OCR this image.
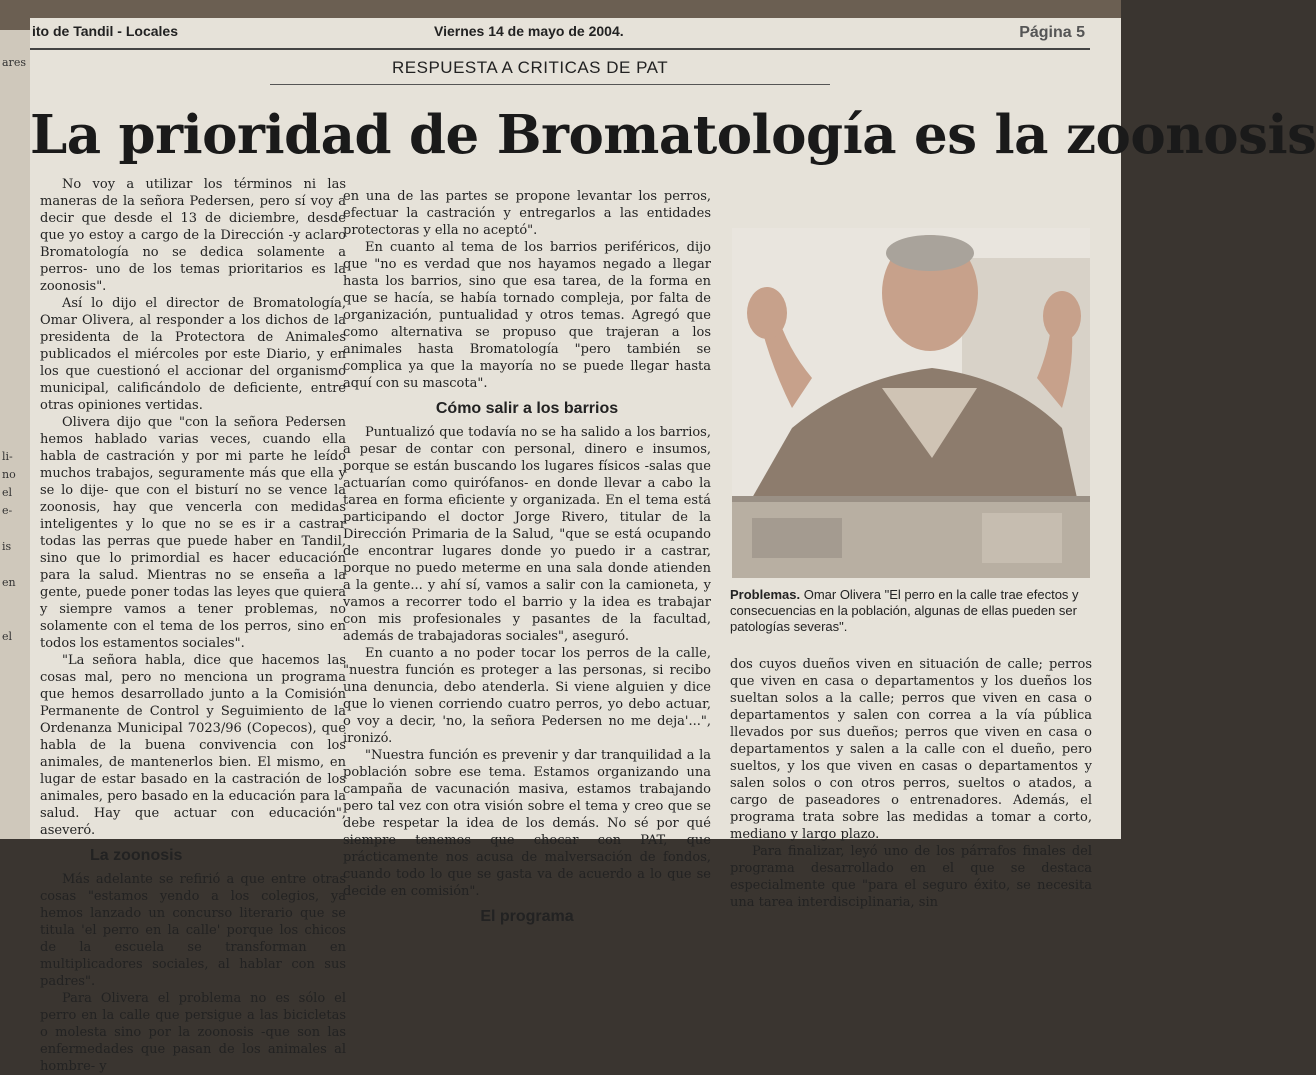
ares
li-
no
el
e-
is
en
el
ito de Tandil - Locales	Viernes 14 de mayo de 2004.	Página 5
RESPUESTA A CRITICAS DE PAT
La prioridad de Bromatología es la zoonosis

No voy a utilizar los términos ni las maneras de la señora Pedersen, pero sí voy a decir que desde el 13 de diciembre, desde que yo estoy a cargo de la Dirección -y aclaro Bromatología no se dedica solamente a perros- uno de los temas prioritarios es la zoonosis".

Así lo dijo el director de Bromatología, Omar Olivera, al responder a los dichos de la presidenta de la Protectora de Animales publicados el miércoles por este Diario, y en los que cuestionó el accionar del organismo municipal, calificándolo de deficiente, entre otras opiniones vertidas.

Olivera dijo que "con la señora Pedersen hemos hablado varias veces, cuando ella habla de castración y por mi parte he leído muchos trabajos, seguramente más que ella y se lo dije- que con el bisturí no se vence la zoonosis, hay que vencerla con medidas inteligentes y lo que no se es ir a castrar todas las perras que puede haber en Tandil, sino que lo primordial es hacer educación para la salud. Mientras no se enseña a la gente, puede poner todas las leyes que quiera y siempre vamos a tener problemas, no solamente con el tema de los perros, sino en todos los estamentos sociales".

"La señora habla, dice que hacemos las cosas mal, pero no menciona un programa que hemos desarrollado junto a la Comisión Permanente de Control y Seguimiento de la Ordenanza Municipal 7023/96 (Copecos), que habla de la buena convivencia con los animales, de mantenerlos bien. El mismo, en lugar de estar basado en la castración de los animales, pero basado en la educación para la salud. Hay que actuar con educación", aseveró.

La zoonosis

Más adelante se refirió a que entre otras cosas "estamos yendo a los colegios, ya hemos lanzado un concurso literario que se titula 'el perro en la calle' porque los chicos de la escuela se transforman en multiplicadores sociales, al hablar con sus padres".

Para Olivera el problema no es sólo el perro en la calle que persigue a las bicicletas o molesta sino por la zoonosis -que son las enfermedades que pasan de los animales al hombre- y

en una de las partes se propone levantar los perros, efectuar la castración y entregarlos a las entidades protectoras y ella no aceptó".

En cuanto al tema de los barrios periféricos, dijo que "no es verdad que nos hayamos negado a llegar hasta los barrios, sino que esa tarea, de la forma en que se hacía, se había tornado compleja, por falta de organización, puntualidad y otros temas. Agregó que como alternativa se propuso que trajeran a los animales hasta Bromatología "pero también se complica ya que la mayoría no se puede llegar hasta aquí con su mascota".

Cómo salir a los barrios

Puntualizó que todavía no se ha salido a los barrios, a pesar de contar con personal, dinero e insumos, porque se están buscando los lugares físicos -salas que actuarían como quirófanos- en donde llevar a cabo la tarea en forma eficiente y organizada. En el tema está participando el doctor Jorge Rivero, titular de la Dirección Primaria de la Salud, "que se está ocupando de encontrar lugares donde yo puedo ir a castrar, porque no puedo meterme en una sala donde atienden a la gente... y ahí sí, vamos a salir con la camioneta, y vamos a recorrer todo el barrio y la idea es trabajar con mis profesionales y pasantes de la facultad, además de trabajadoras sociales", aseguró.

En cuanto a no poder tocar los perros de la calle, "nuestra función es proteger a las personas, si recibo una denuncia, debo atenderla. Si viene alguien y dice que lo vienen corriendo cuatro perros, yo debo actuar, o voy a decir, 'no, la señora Pedersen no me deja'...", ironizó.

"Nuestra función es prevenir y dar tranquilidad a la población sobre ese tema. Estamos organizando una campaña de vacunación masiva, estamos trabajando pero tal vez con otra visión sobre el tema y creo que se debe respetar la idea de los demás. No sé por qué siempre tenemos que chocar con PAT, que prácticamente nos acusa de malversación de fondos, cuando todo lo que se gasta va de acuerdo a lo que se decide en comisión".

El programa

Problemas. Omar Olivera "El perro en la calle trae efectos y consecuencias en la población, algunas de ellas pueden ser patologías severas".

dos cuyos dueños viven en situación de calle; perros que viven en casa o departamentos y los dueños los sueltan solos a la calle; perros que viven en casa o departamentos y salen con correa a la vía pública llevados por sus dueños; perros que viven en casa o departamentos y salen a la calle con el dueño, pero sueltos, y los que viven en casas o departamentos y salen solos o con otros perros, sueltos o atados, a cargo de paseadores o entrenadores. Además, el programa trata sobre las medidas a tomar a corto, mediano y largo plazo.

Para finalizar, leyó uno de los párrafos finales del programa desarrollado en el que se destaca especialmente que "para el seguro éxito, se necesita una tarea interdisciplinaria, sin
